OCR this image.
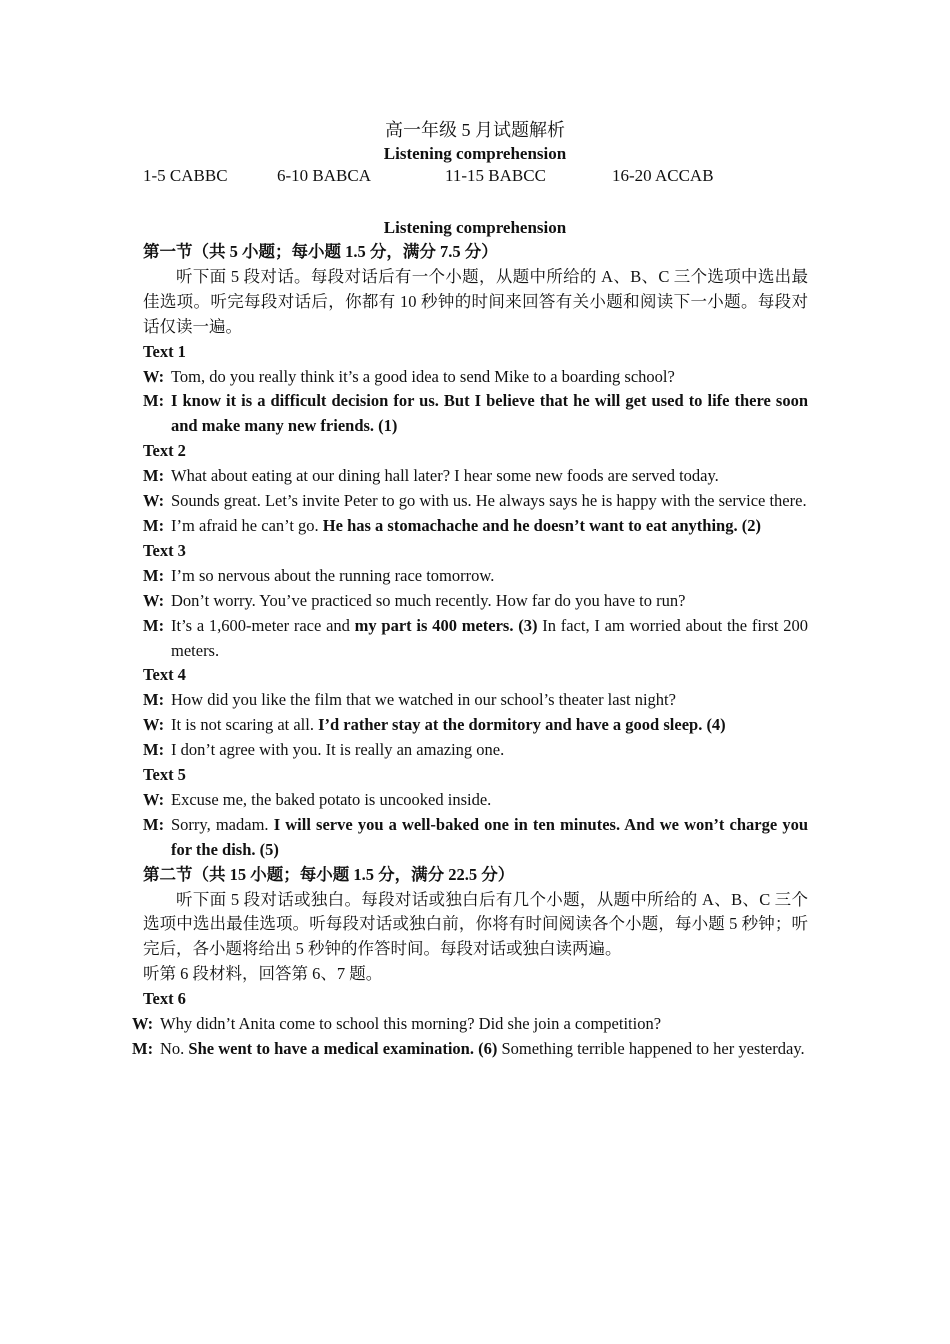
高一年级 5 月试题解析
Listening comprehension
1-5 CABBC	6-10 BABCA	11-15 BABCC	16-20 ACCAB
Listening comprehension
第一节（共 5 小题；每小题 1.5 分，满分 7.5 分）
听下面 5 段对话。每段对话后有一个小题，从题中所给的 A、B、C 三个选项中选出最佳选项。听完每段对话后，你都有 10 秒钟的时间来回答有关小题和阅读下一小题。每段对话仅读一遍。
Text 1
W: Tom, do you really think it’s a good idea to send Mike to a boarding school?
M: I know it is a difficult decision for us. But I believe that he will get used to life there soon and make many new friends. (1)
Text 2
M: What about eating at our dining hall later? I hear some new foods are served today.
W: Sounds great. Let’s invite Peter to go with us. He always says he is happy with the service there.
M: I’m afraid he can’t go. He has a stomachache and he doesn’t want to eat anything. (2)
Text 3
M: I’m so nervous about the running race tomorrow.
W: Don’t worry. You’ve practiced so much recently. How far do you have to run?
M: It’s a 1,600-meter race and my part is 400 meters. (3) In fact, I am worried about the first 200 meters.
Text 4
M: How did you like the film that we watched in our school’s theater last night?
W: It is not scaring at all. I’d rather stay at the dormitory and have a good sleep. (4)
M: I don’t agree with you. It is really an amazing one.
Text 5
W: Excuse me, the baked potato is uncooked inside.
M: Sorry, madam. I will serve you a well-baked one in ten minutes. And we won’t charge you for the dish. (5)
第二节（共 15 小题；每小题 1.5 分，满分 22.5 分）
听下面 5 段对话或独白。每段对话或独白后有几个小题，从题中所给的 A、B、C 三个选项中选出最佳选项。听每段对话或独白前，你将有时间阅读各个小题，每小题 5 秒钟；听完后，各小题将给出 5 秒钟的作答时间。每段对话或独白读两遍。
听第 6 段材料，回答第 6、7 题。
Text 6
W: Why didn’t Anita come to school this morning? Did she join a competition?
M: No. She went to have a medical examination. (6) Something terrible happened to her yesterday.
